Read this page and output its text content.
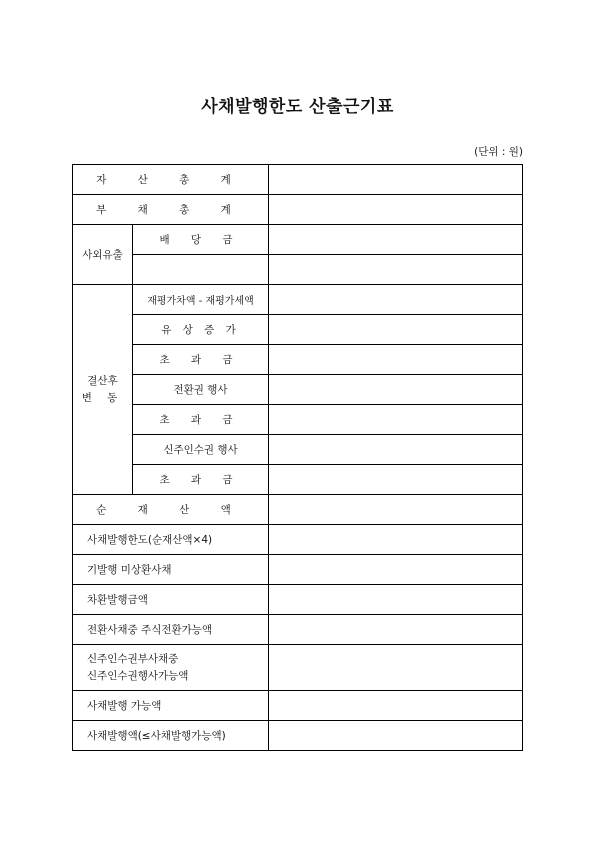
사채발행한도 산출근기표
(단위 : 원)
자 산 총 계		
부 채 총 계		
사외유출	배 당 금	

결산후
변 동	재평가차액 - 재평가세액	
	유 상 증 가	
	초 과 금	
	전환권 행사	
	초 과 금	
	신주인수권 행사	
	초 과 금	
순 재 산 액		
사채발행한도(순재산액×4)		
기발행 미상환사채		
차환발행금액		
전환사채중 주식전환가능액		

신주인수권부사채중
신주인수권행사가능액		

사채발행 가능액		
사채발행액(≤사채발행가능액)		
